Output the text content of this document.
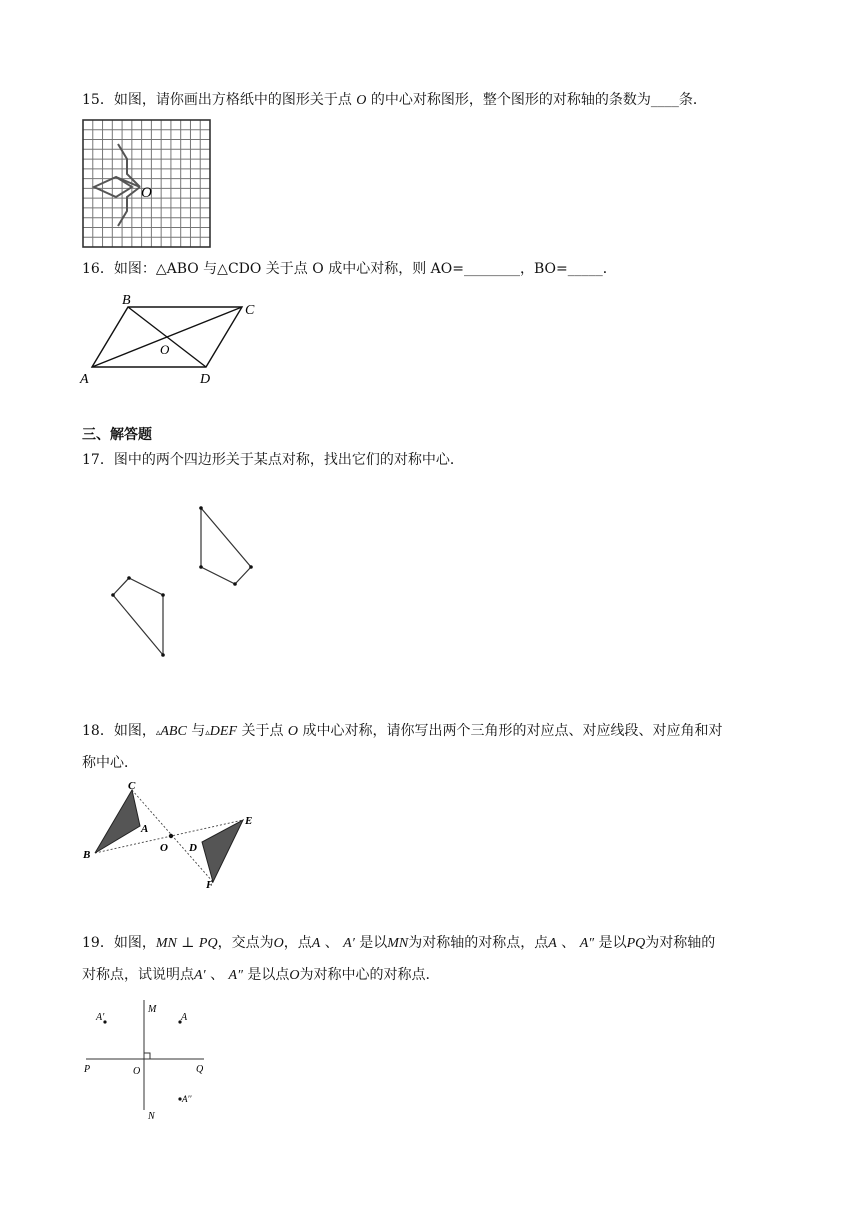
15．如图，请你画出方格纸中的图形关于点 O 的中心对称图形，整个图形的对称轴的条数为____条．
O
16．如图：△ABO 与△CDO 关于点 O 成中心对称，则 AO=________，BO=_____．
B
C
A	D
O
三、解答题
17．图中的两个四边形关于某点对称，找出它们的对称中心．
18．如图，▵ABC 与▵DEF 关于点 O 成中心对称，请你写出两个三角形的对应点、对应线段、对应角和对
称中心．
C
A
B
O D
E
F
19．如图，MN ⊥ PQ，交点为O，点A 、 A′ 是以MN为对称轴的对称点，点A 、 A″ 是以PQ为对称轴的
对称点，试说明点A′ 、 A″ 是以点O为对称中心的对称点.
M
N
P	Q
O
A′	A
A′′
